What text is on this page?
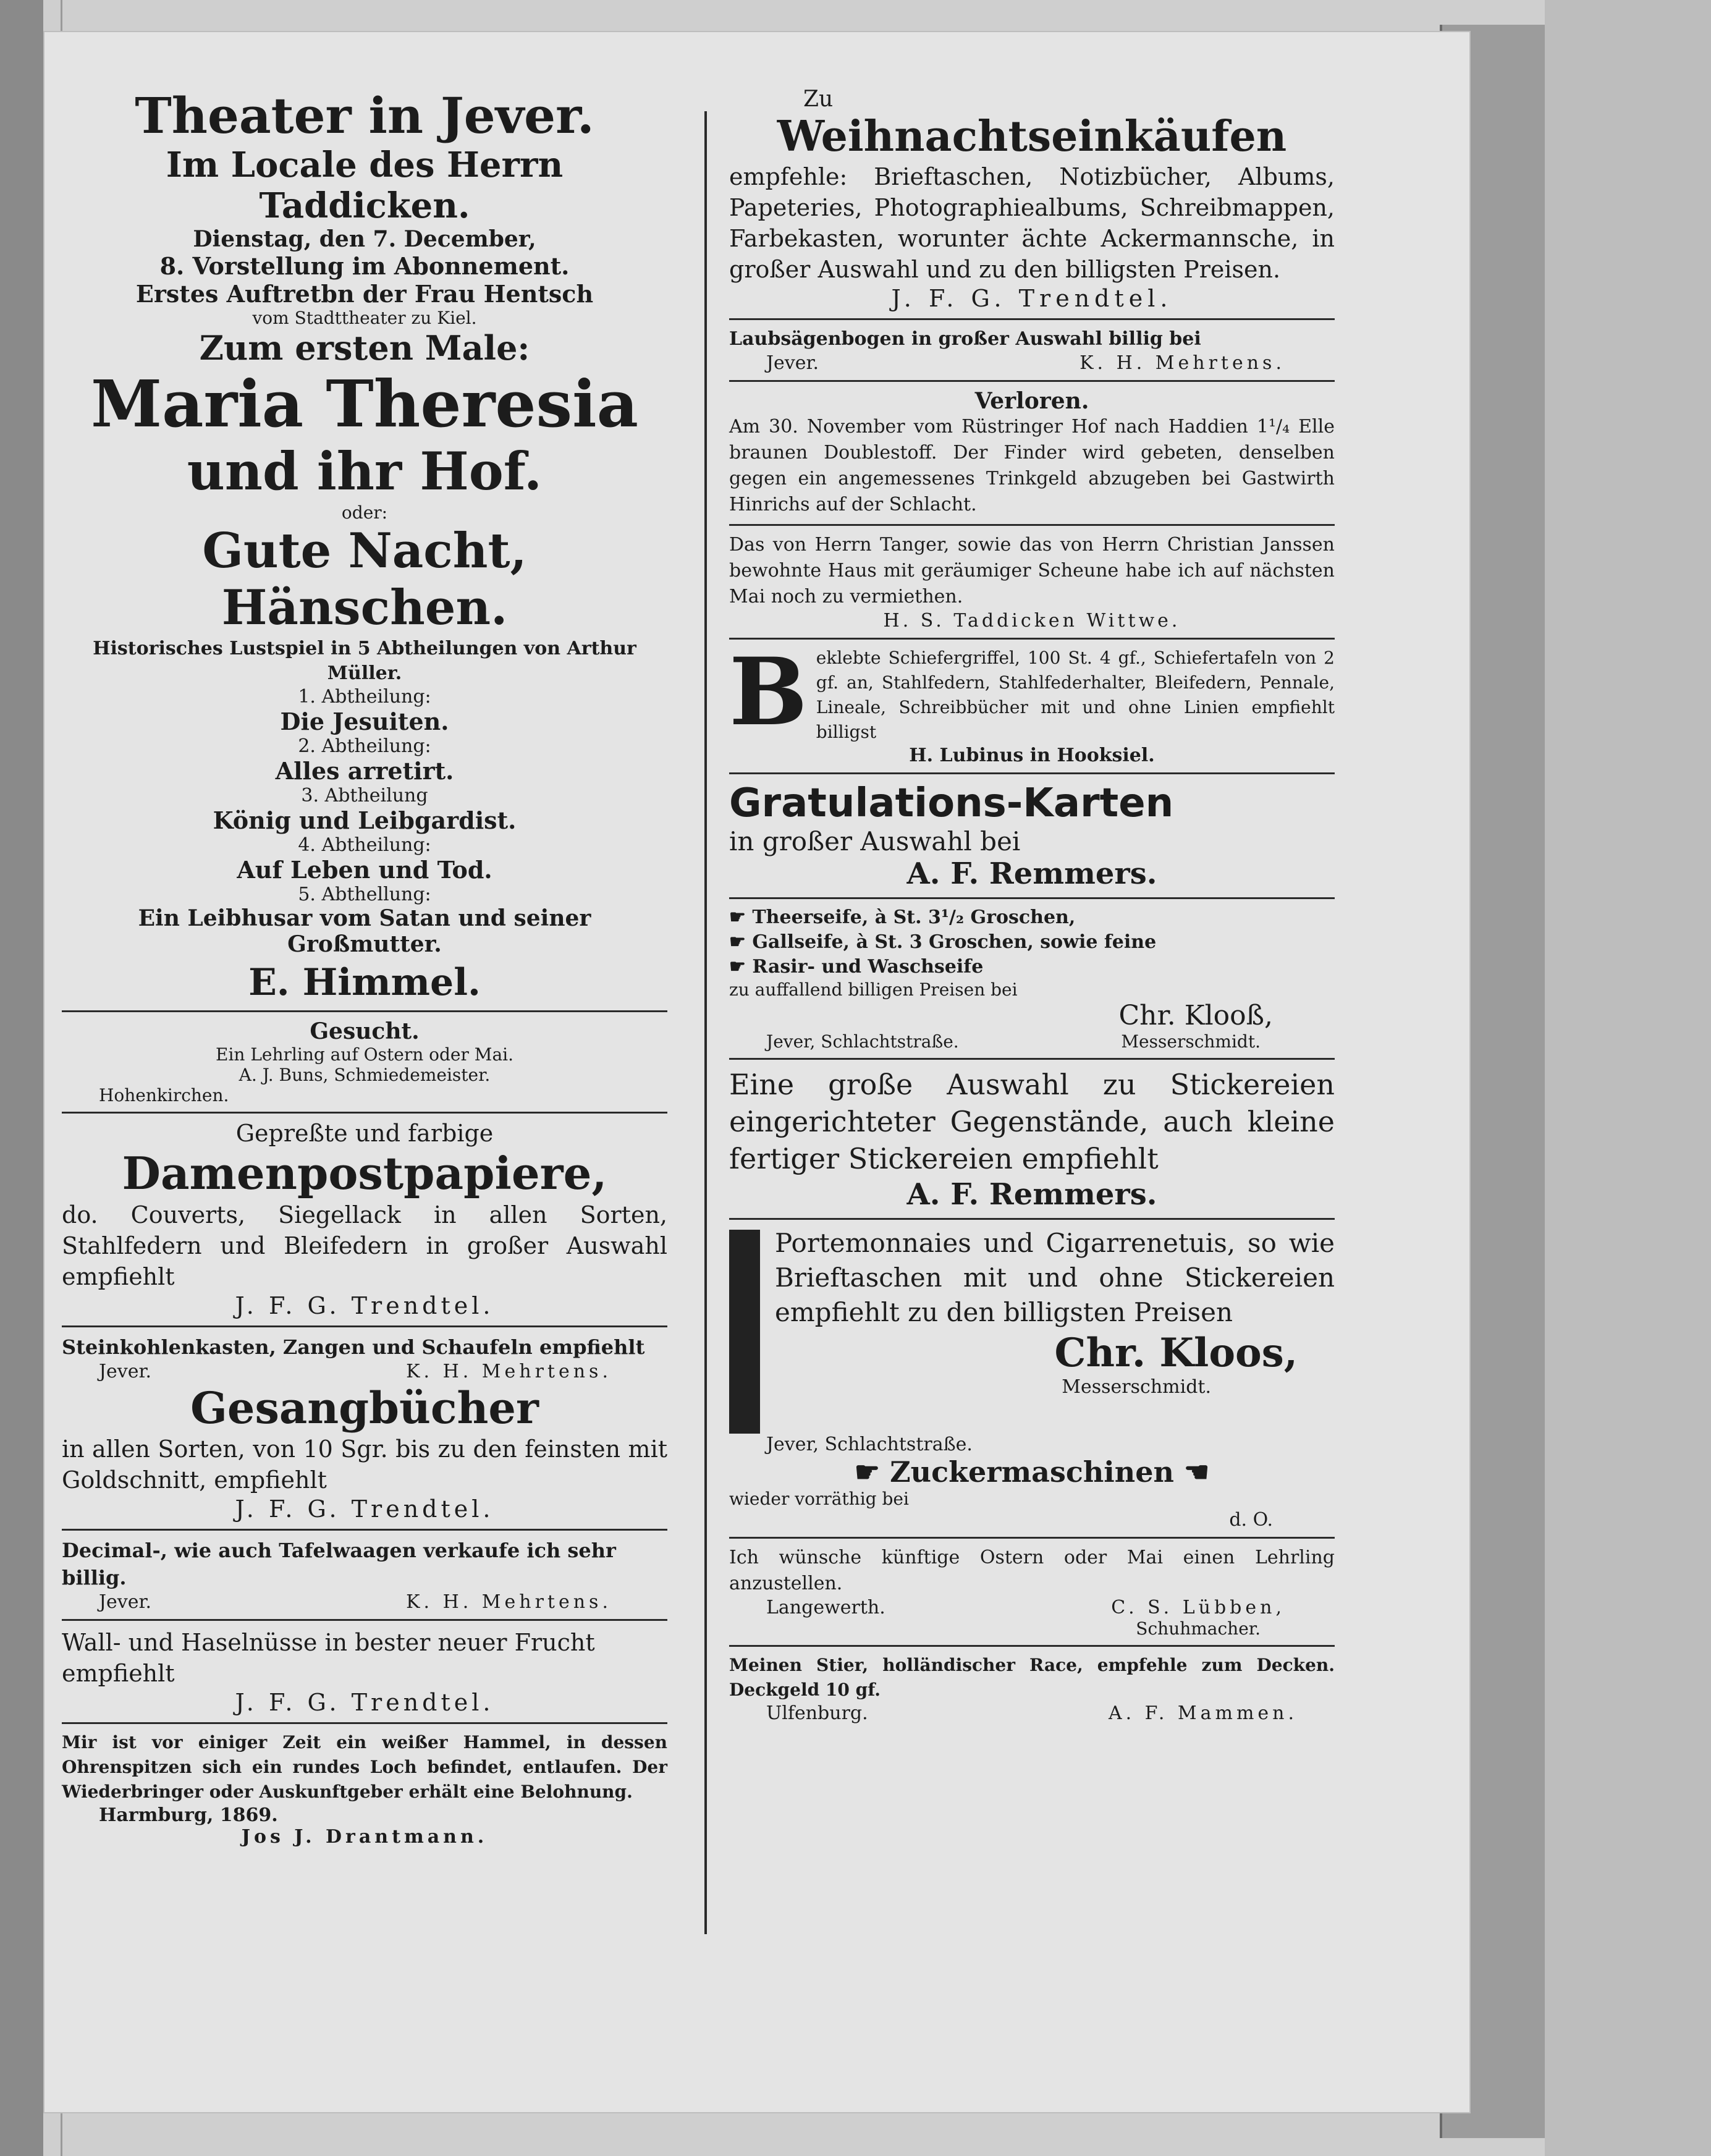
Theater in Jever.
Im Locale des Herrn Taddicken.
Dienstag, den 7. December,
8. Vorstellung im Abonnement.
Erstes Auftretbn der Frau Hentsch
vom Stadttheater zu Kiel.
Zum ersten Male:
Maria Theresia
und ihr Hof.
oder:
Gute Nacht, Hänschen.
Historisches Lustspiel in 5 Abtheilungen von Arthur Müller.
1. Abtheilung:
Die Jesuiten.
2. Abtheilung:
Alles arretirt.
3. Abtheilung
König und Leibgardist.
4. Abtheilung:
Auf Leben und Tod.
5. Abthellung:
Ein Leibhusar vom Satan und seiner Großmutter.
E. Himmel.
Gesucht.
Ein Lehrling auf Ostern oder Mai.
A. J. Buns, Schmiedemeister.
Hohenkirchen.
Gepreßte und farbige
Damenpostpapiere,
do. Couverts, Siegellack in allen Sorten, Stahlfedern und Bleifedern in großer Auswahl empfiehlt
J. F. G. Trendtel.
Steinkohlenkasten, Zangen und Schaufeln empfiehlt
Jever.	K. H. Mehrtens.
Gesangbücher
in allen Sorten, von 10 Sgr. bis zu den feinsten mit Goldschnitt, empfiehlt
J. F. G. Trendtel.
Decimal-, wie auch Tafelwaagen verkaufe ich sehr billig.
Jever.	K. H. Mehrtens.
Wall- und Haselnüsse in bester neuer Frucht empfiehlt
J. F. G. Trendtel.
Mir ist vor einiger Zeit ein weißer Hammel, in dessen Ohrenspitzen sich ein rundes Loch befindet, entlaufen. Der Wiederbringer oder Auskunftgeber erhält eine Belohnung.
Harmburg, 1869.
Jos J. Drantmann.
Zu
Weihnachtseinkäufen
empfehle: Brieftaschen, Notizbücher, Albums, Papeteries, Photographiealbums, Schreibmappen, Farbekasten, worunter ächte Ackermannsche, in großer Auswahl und zu den billigsten Preisen.
J. F. G. Trendtel.
Laubsägenbogen in großer Auswahl billig bei
Jever.	K. H. Mehrtens.
Verloren.
Am 30. November vom Rüstringer Hof nach Haddien 1¹/₄ Elle braunen Doublestoff. Der Finder wird gebeten, denselben gegen ein angemessenes Trinkgeld abzugeben bei Gastwirth Hinrichs auf der Schlacht.
Das von Herrn Tanger, sowie das von Herrn Christian Janssen bewohnte Haus mit geräumiger Scheune habe ich auf nächsten Mai noch zu vermiethen.
H. S. Taddicken Wittwe.
B eklebte Schiefergriffel, 100 St. 4 gf., Schiefertafeln von 2 gf. an, Stahlfedern, Stahlfederhalter, Bleifedern, Pennale, Lineale, Schreibbücher mit und ohne Linien empfiehlt billigst
H. Lubinus in Hooksiel.
Gratulations-Karten
in großer Auswahl bei
A. F. Remmers.
☛ Theerseife, à St. 3¹/₂ Groschen,
☛ Gallseife, à St. 3 Groschen, sowie feine
☛ Rasir- und Waschseife
zu auffallend billigen Preisen bei
Chr. Klooß,
Jever, Schlachtstraße.	Messerschmidt.
Eine große Auswahl zu Stickereien eingerichteter Gegenstände, auch kleine fertiger Stickereien empfiehlt
A. F. Remmers.
Portemonnaies und Cigarrenetuis, so wie Brieftaschen mit und ohne Stickereien empfiehlt zu den billigsten Preisen
Chr. Kloos,
Messerschmidt.
Jever, Schlachtstraße.
☛ Zuckermaschinen ☚
wieder vorräthig bei
d. O.
Ich wünsche künftige Ostern oder Mai einen Lehrling anzustellen.
Langewerth.	C. S. Lübben,
Schuhmacher.
Meinen Stier, holländischer Race, empfehle zum Decken. Deckgeld 10 gf.
Ulfenburg.	A. F. Mammen.
